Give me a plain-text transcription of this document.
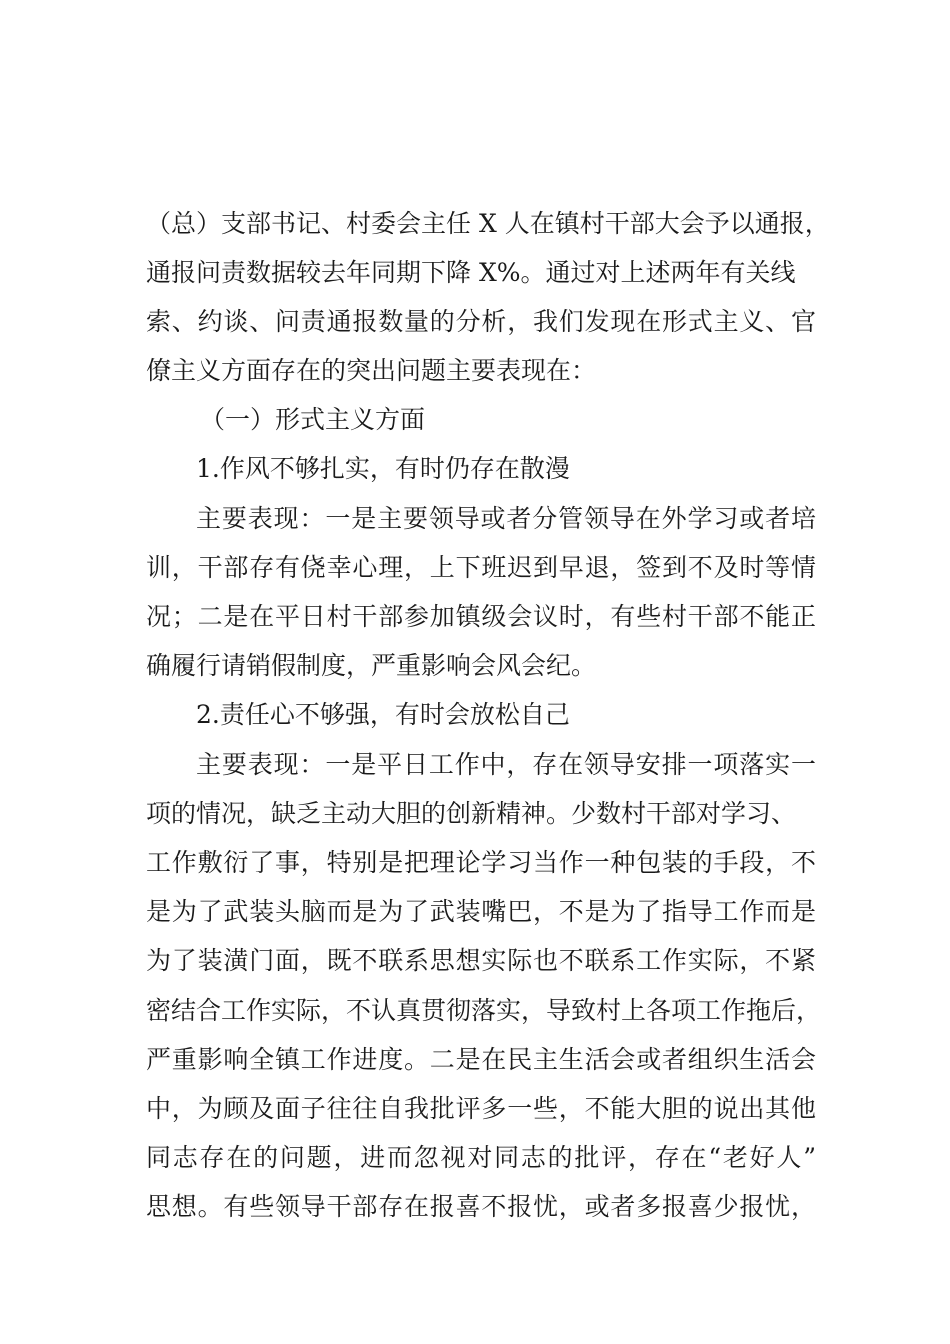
（总）支部书记、村委会主任 X 人在镇村干部大会予以通报，
通报问责数据较去年同期下降 X%。通过对上述两年有关线
索、约谈、问责通报数量的分析，我们发现在形式主义、官
僚主义方面存在的突出问题主要表现在：
（一）形式主义方面
1.作风不够扎实，有时仍存在散漫
主要表现：一是主要领导或者分管领导在外学习或者培
训，干部存有侥幸心理，上下班迟到早退，签到不及时等情
况；二是在平日村干部参加镇级会议时，有些村干部不能正
确履行请销假制度，严重影响会风会纪。
2.责任心不够强，有时会放松自己
主要表现：一是平日工作中，存在领导安排一项落实一
项的情况，缺乏主动大胆的创新精神。少数村干部对学习、
工作敷衍了事，特别是把理论学习当作一种包装的手段，不
是为了武装头脑而是为了武装嘴巴，不是为了指导工作而是
为了装潢门面，既不联系思想实际也不联系工作实际，不紧
密结合工作实际，不认真贯彻落实，导致村上各项工作拖后，
严重影响全镇工作进度。二是在民主生活会或者组织生活会
中，为顾及面子往往自我批评多一些，不能大胆的说出其他
同志存在的问题，进而忽视对同志的批评，存在“老好人”
思想。有些领导干部存在报喜不报忧，或者多报喜少报忧，
